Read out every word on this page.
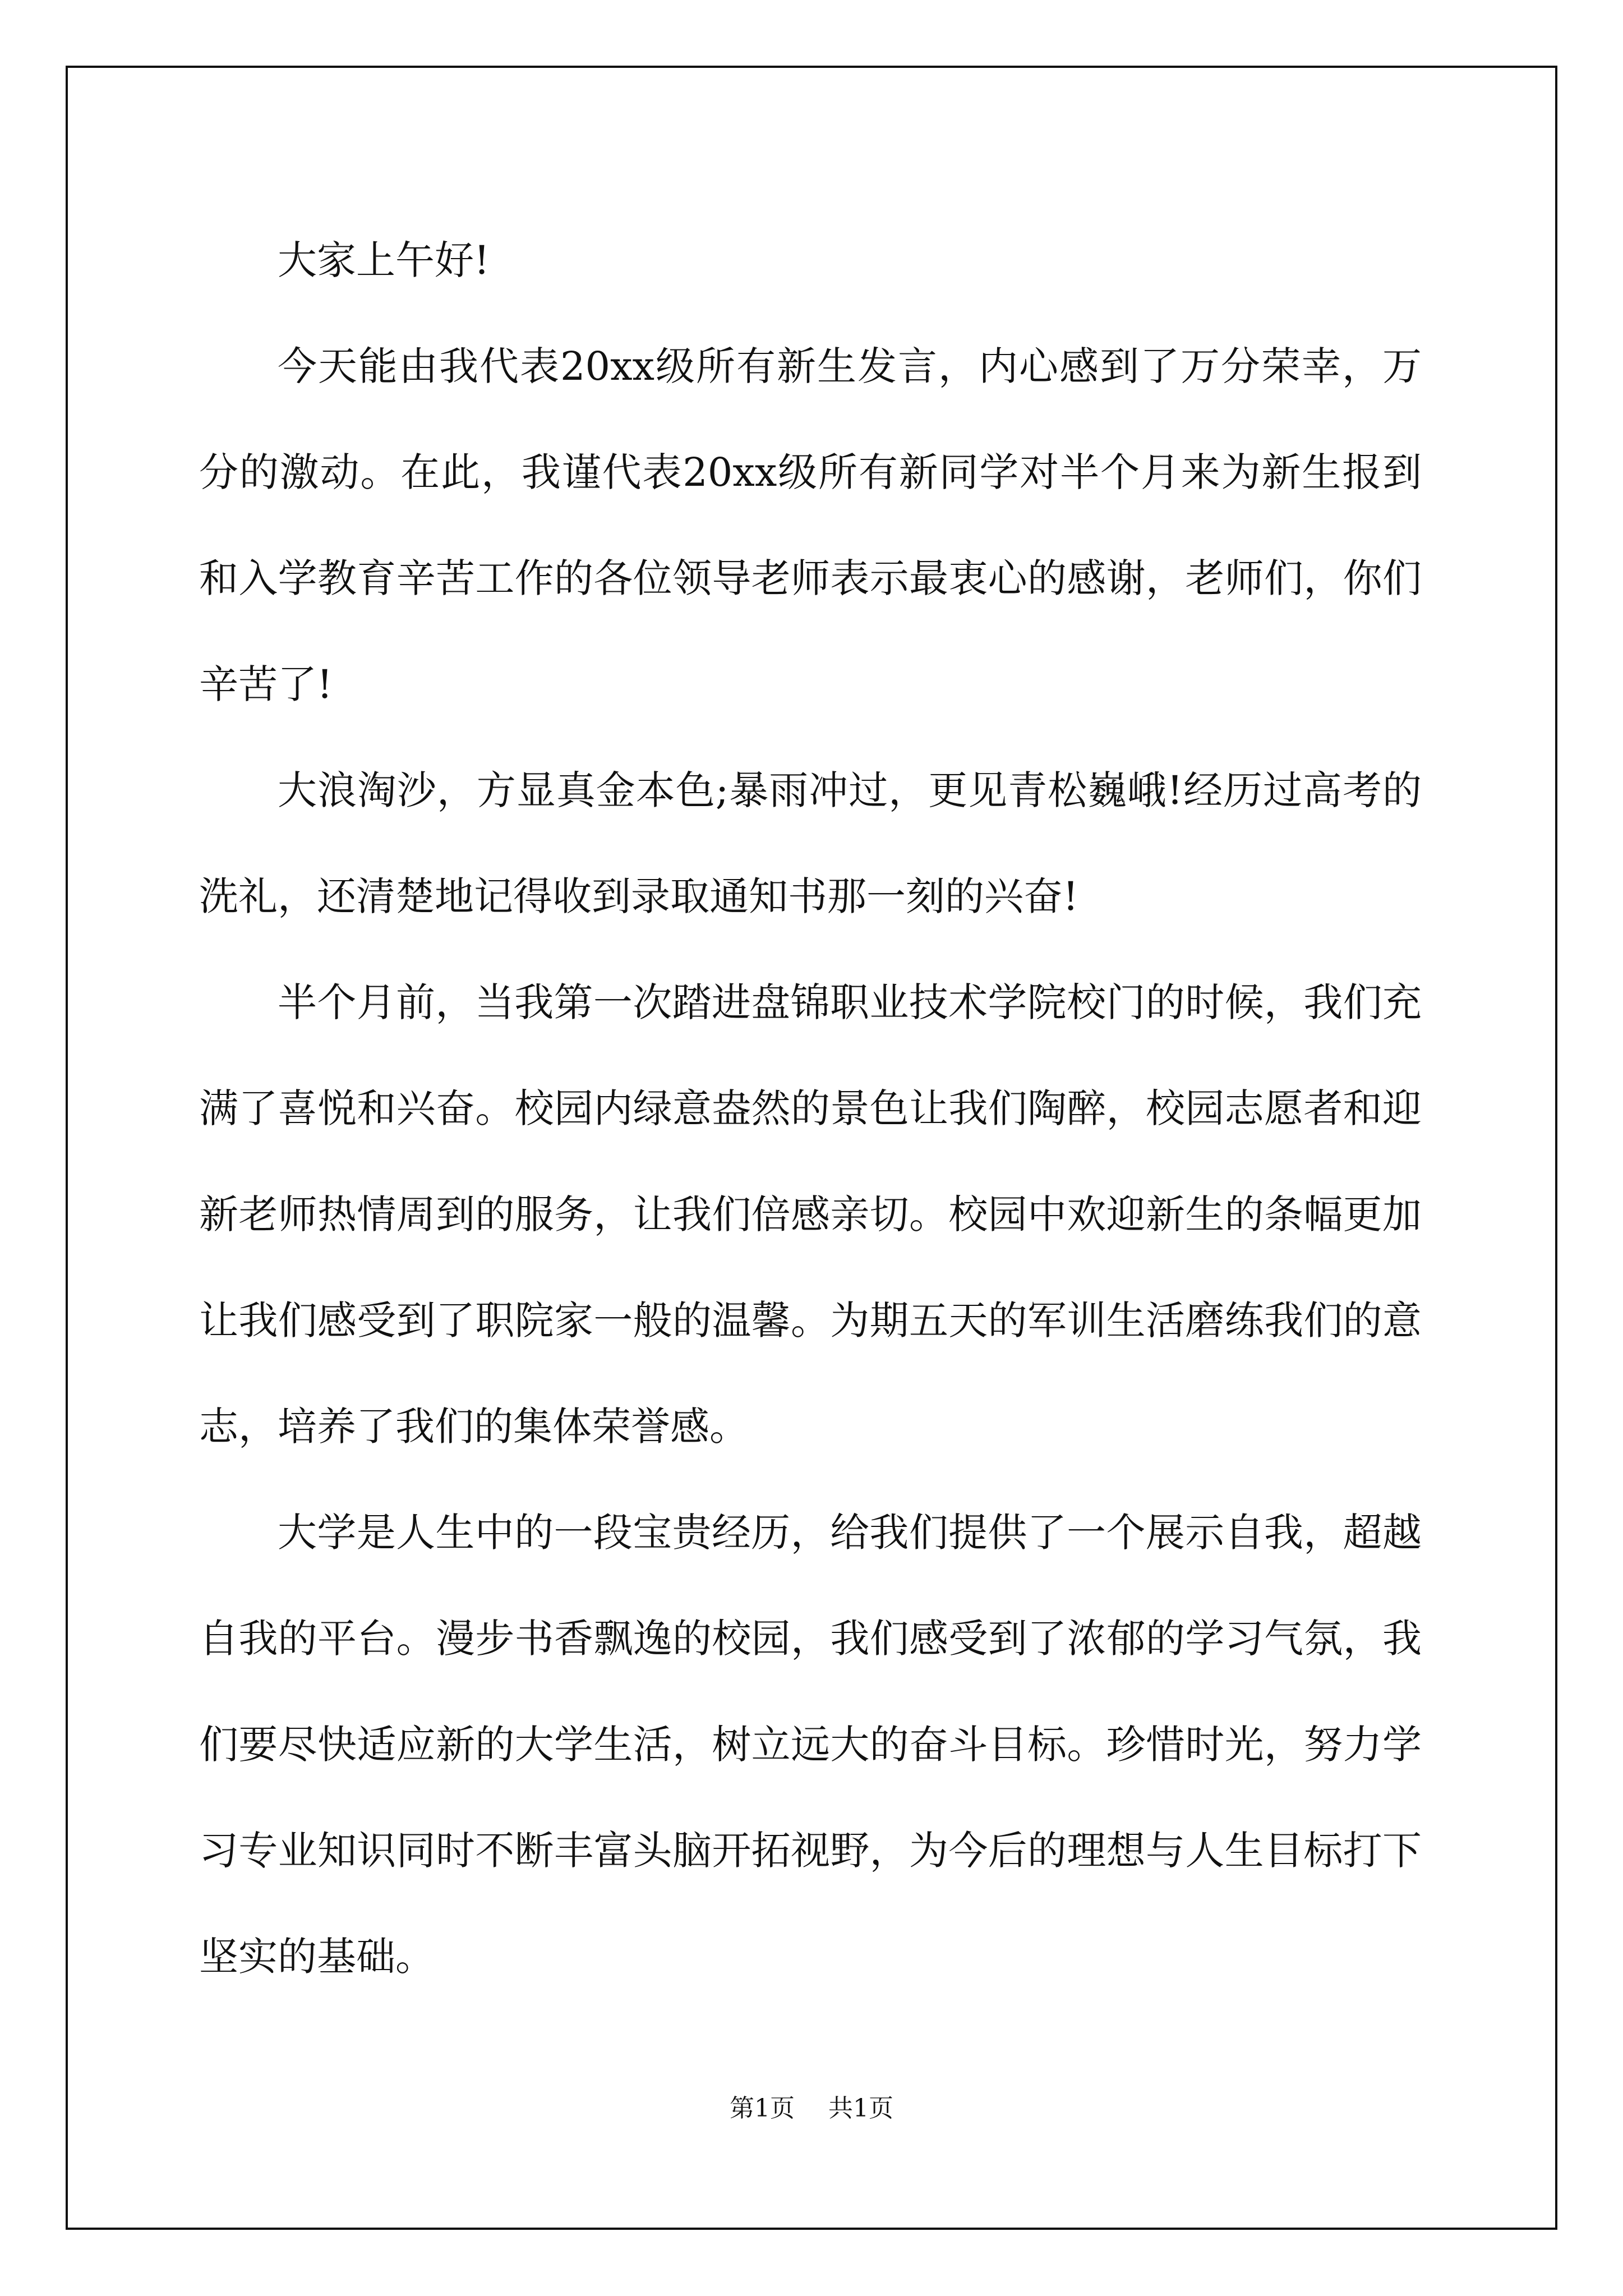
大家上午好!

今天能由我代表20xx级所有新生发言，内心感到了万分荣幸，万分的激动。在此，我谨代表20xx级所有新同学对半个月来为新生报到和入学教育辛苦工作的各位领导老师表示最衷心的感谢，老师们，你们辛苦了!

大浪淘沙，方显真金本色;暴雨冲过，更见青松巍峨!经历过高考的洗礼，还清楚地记得收到录取通知书那一刻的兴奋!

半个月前，当我第一次踏进盘锦职业技术学院校门的时候，我们充满了喜悦和兴奋。校园内绿意盎然的景色让我们陶醉，校园志愿者和迎新老师热情周到的服务，让我们倍感亲切。校园中欢迎新生的条幅更加让我们感受到了职院家一般的温馨。为期五天的军训生活磨练我们的意志，培养了我们的集体荣誉感。

大学是人生中的一段宝贵经历，给我们提供了一个展示自我，超越自我的平台。漫步书香飘逸的校园，我们感受到了浓郁的学习气氛，我们要尽快适应新的大学生活，树立远大的奋斗目标。珍惜时光，努力学习专业知识同时不断丰富头脑开拓视野，为今后的理想与人生目标打下坚实的基础。

第1页 共1页
